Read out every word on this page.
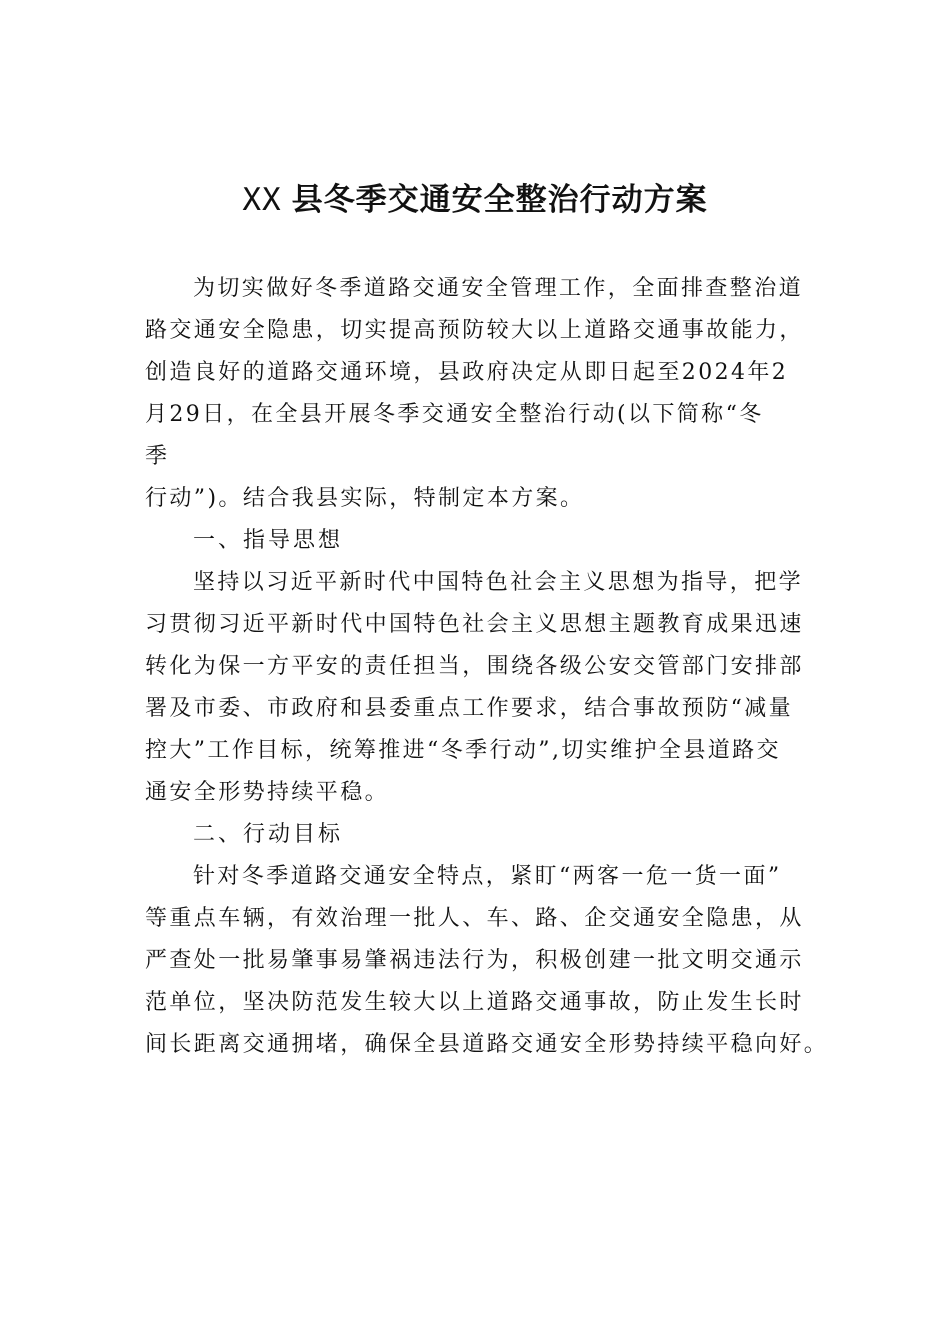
XX 县冬季交通安全整治行动方案

为切实做好冬季道路交通安全管理工作，全面排查整治道
路交通安全隐患，切实提高预防较大以上道路交通事故能力，
创造良好的道路交通环境，县政府决定从即日起至2024年2
月29日，在全县开展冬季交通安全整治行动(以下简称“冬
季
行动”)。结合我县实际，特制定本方案。

一、指导思想

坚持以习近平新时代中国特色社会主义思想为指导，把学
习贯彻习近平新时代中国特色社会主义思想主题教育成果迅速
转化为保一方平安的责任担当，围绕各级公安交管部门安排部
署及市委、市政府和县委重点工作要求，结合事故预防“减量
控大”工作目标，统筹推进“冬季行动”,切实维护全县道路交
通安全形势持续平稳。

二、行动目标

针对冬季道路交通安全特点，紧盯“两客一危一货一面”
等重点车辆，有效治理一批人、车、路、企交通安全隐患，从
严查处一批易肇事易肇祸违法行为，积极创建一批文明交通示
范单位，坚决防范发生较大以上道路交通事故，防止发生长时
间长距离交通拥堵，确保全县道路交通安全形势持续平稳向好。
